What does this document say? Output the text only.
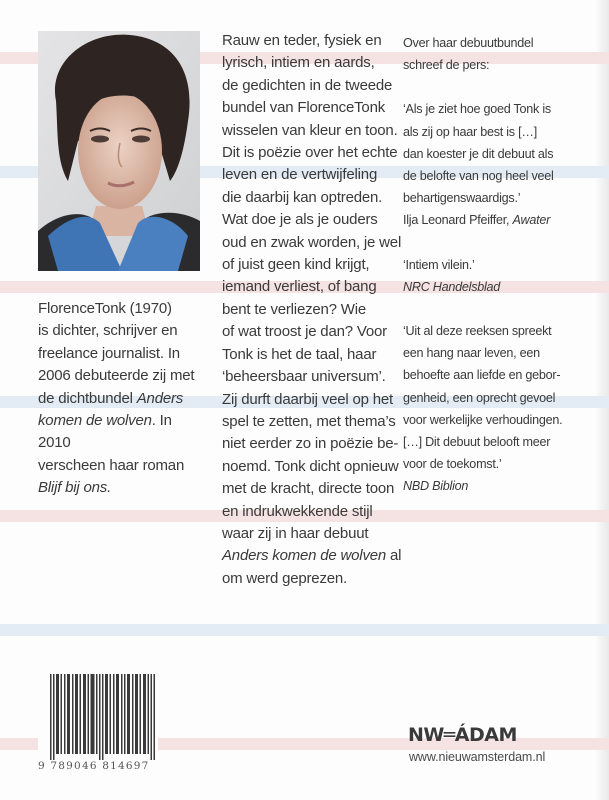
FlorenceTonk (1970)

is dichter, schrijver en

freelance journalist. In

2006 debuteerde zij met

de dichtbundel Anders

komen de wolven. In 2010

verscheen haar roman

Blijf bij ons.

Rauw en teder, fysiek en

lyrisch, intiem en aards,

de gedichten in de tweede

bundel van FlorenceTonk

wisselen van kleur en toon.

Dit is poëzie over het echte

leven en de vertwijfeling

die daarbij kan optreden.

Wat doe je als je ouders

oud en zwak worden, je wel

of juist geen kind krijgt,

iemand verliest, of bang

bent te verliezen? Wie

of wat troost je dan? Voor

Tonk is het de taal, haar

‘beheersbaar universum’.

Zij durft daarbij veel op het

spel te zetten, met thema’s

niet eerder zo in poëzie be-

noemd. Tonk dicht opnieuw

met de kracht, directe toon

en indrukwekkende stijl

waar zij in haar debuut

Anders komen de wolven al

om werd geprezen.

Over haar debuutbundel

schreef de pers:

‘Als je ziet hoe goed Tonk is

als zij op haar best is […]

dan koester je dit debuut als

de belofte van nog heel veel

behartigenswaardigs.’

Ilja Leonard Pfeiffer, Awater

‘Intiem vilein.’

NRC Handelsblad

‘Uit al deze reeksen spreekt

een hang naar leven, een

behoefte aan liefde en gebor-

genheid, een oprecht gevoel

voor werkelijke verhoudingen.

[…] Dit debuut belooft meer

voor de toekomst.’

NBD Biblion

9 789046 814697
NW═ÁDAM
www.nieuwamsterdam.nl
